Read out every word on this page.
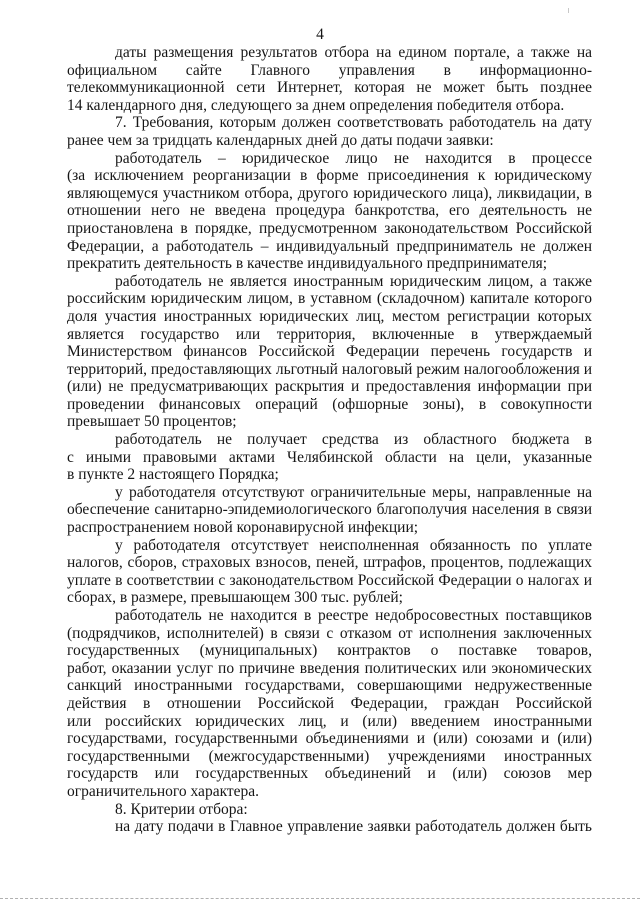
4
даты размещения результатов отбора на едином портале, а также на
официальном сайте Главного управления в информационно-
телекоммуникационной сети Интернет, которая не может быть позднее
14 календарного дня, следующего за днем определения победителя отбора.
7. Требования, которым должен соответствовать работодатель на дату
ранее чем за тридцать календарных дней до даты подачи заявки:
работодатель – юридическое лицо не находится в процессе
(за исключением реорганизации в форме присоединения к юридическому
являющемуся участником отбора, другого юридического лица), ликвидации, в
отношении него не введена процедура банкротства, его деятельность не
приостановлена в порядке, предусмотренном законодательством Российской
Федерации, а работодатель – индивидуальный предприниматель не должен
прекратить деятельность в качестве индивидуального предпринимателя;
работодатель не является иностранным юридическим лицом, а также
российским юридическим лицом, в уставном (складочном) капитале которого
доля участия иностранных юридических лиц, местом регистрации которых
является государство или территория, включенные в утверждаемый
Министерством финансов Российской Федерации перечень государств и
территорий, предоставляющих льготный налоговый режим налогообложения и
(или) не предусматривающих раскрытия и предоставления информации при
проведении финансовых операций (офшорные зоны), в совокупности
превышает 50 процентов;
работодатель не получает средства из областного бюджета в
с иными правовыми актами Челябинской области на цели, указанные
в пункте 2 настоящего Порядка;
у работодателя отсутствуют ограничительные меры, направленные на
обеспечение санитарно-эпидемиологического благополучия населения в связи
распространением новой коронавирусной инфекции;
у работодателя отсутствует неисполненная обязанность по уплате
налогов, сборов, страховых взносов, пеней, штрафов, процентов, подлежащих
уплате в соответствии с законодательством Российской Федерации о налогах и
сборах, в размере, превышающем 300 тыс. рублей;
работодатель не находится в реестре недобросовестных поставщиков
(подрядчиков, исполнителей) в связи с отказом от исполнения заключенных
государственных (муниципальных) контрактов о поставке товаров,
работ, оказании услуг по причине введения политических или экономических
санкций иностранными государствами, совершающими недружественные
действия в отношении Российской Федерации, граждан Российской
или российских юридических лиц, и (или) введением иностранными
государствами, государственными объединениями и (или) союзами и (или)
государственными (межгосударственными) учреждениями иностранных
государств или государственных объединений и (или) союзов мер
ограничительного характера.
8. Критерии отбора:
на дату подачи в Главное управление заявки работодатель должен быть
